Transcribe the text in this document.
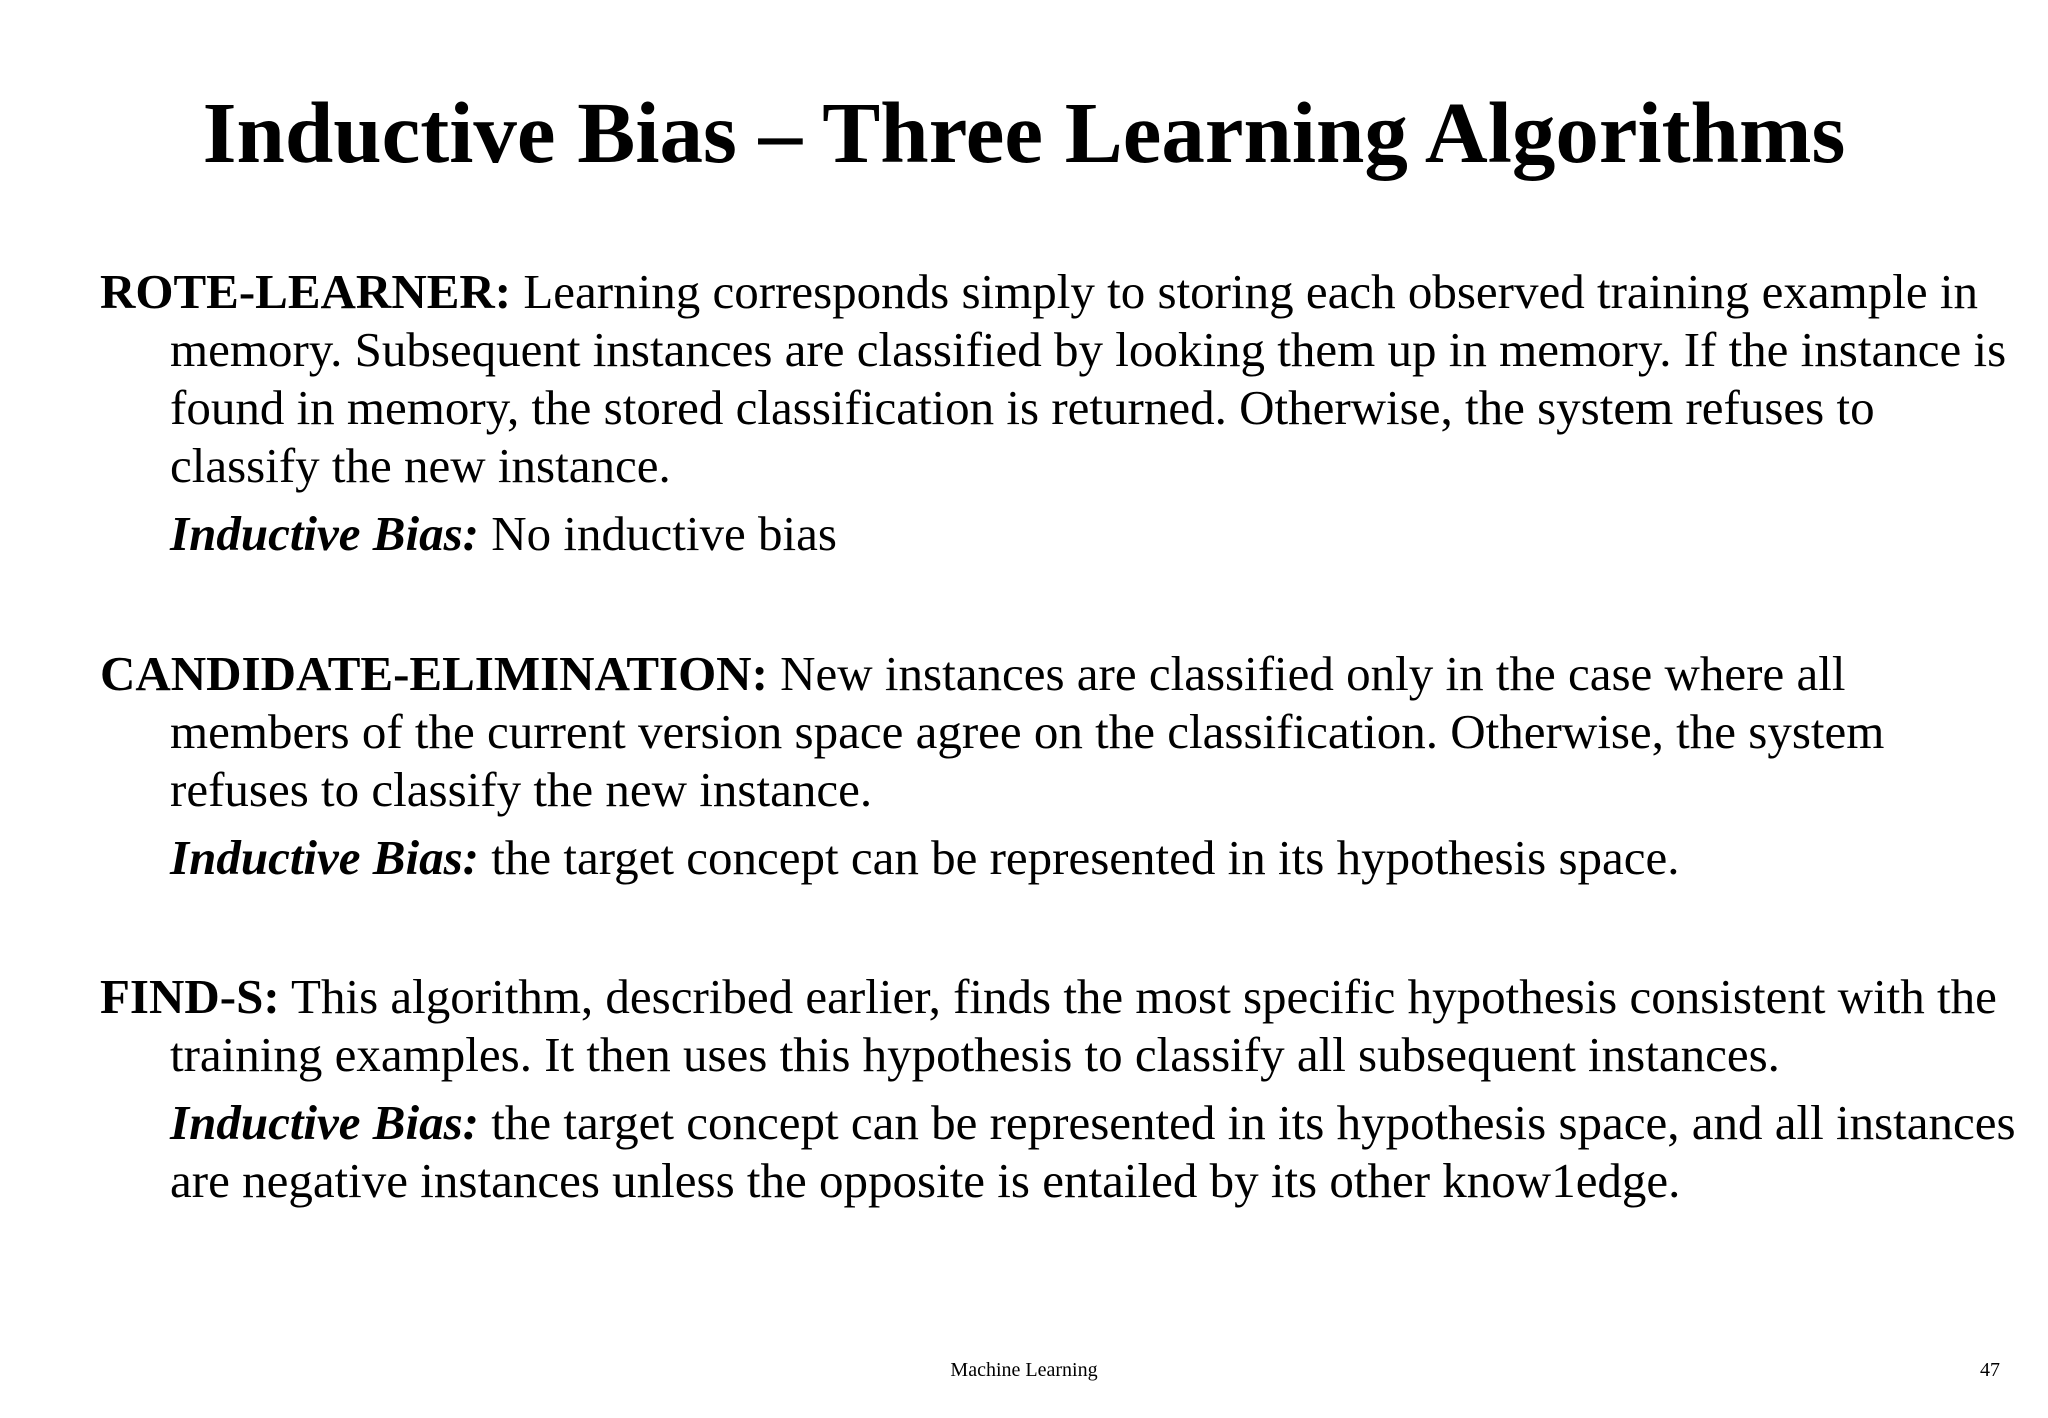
Inductive Bias – Three Learning Algorithms

ROTE-LEARNER: Learning corresponds simply to storing each observed training example in memory. Subsequent instances are classified by looking them up in memory. If the instance is found in memory, the stored classification is returned. Otherwise, the system refuses to classify the new instance.

Inductive Bias: No inductive bias

CANDIDATE-ELIMINATION: New instances are classified only in the case where all members of the current version space agree on the classification. Otherwise, the system refuses to classify the new instance.

Inductive Bias: the target concept can be represented in its hypothesis space.

FIND-S: This algorithm, described earlier, finds the most specific hypothesis consistent with the training examples. It then uses this hypothesis to classify all subsequent instances.

Inductive Bias: the target concept can be represented in its hypothesis space, and all instances are negative instances unless the opposite is entailed by its other know1edge.

Machine Learning	47
